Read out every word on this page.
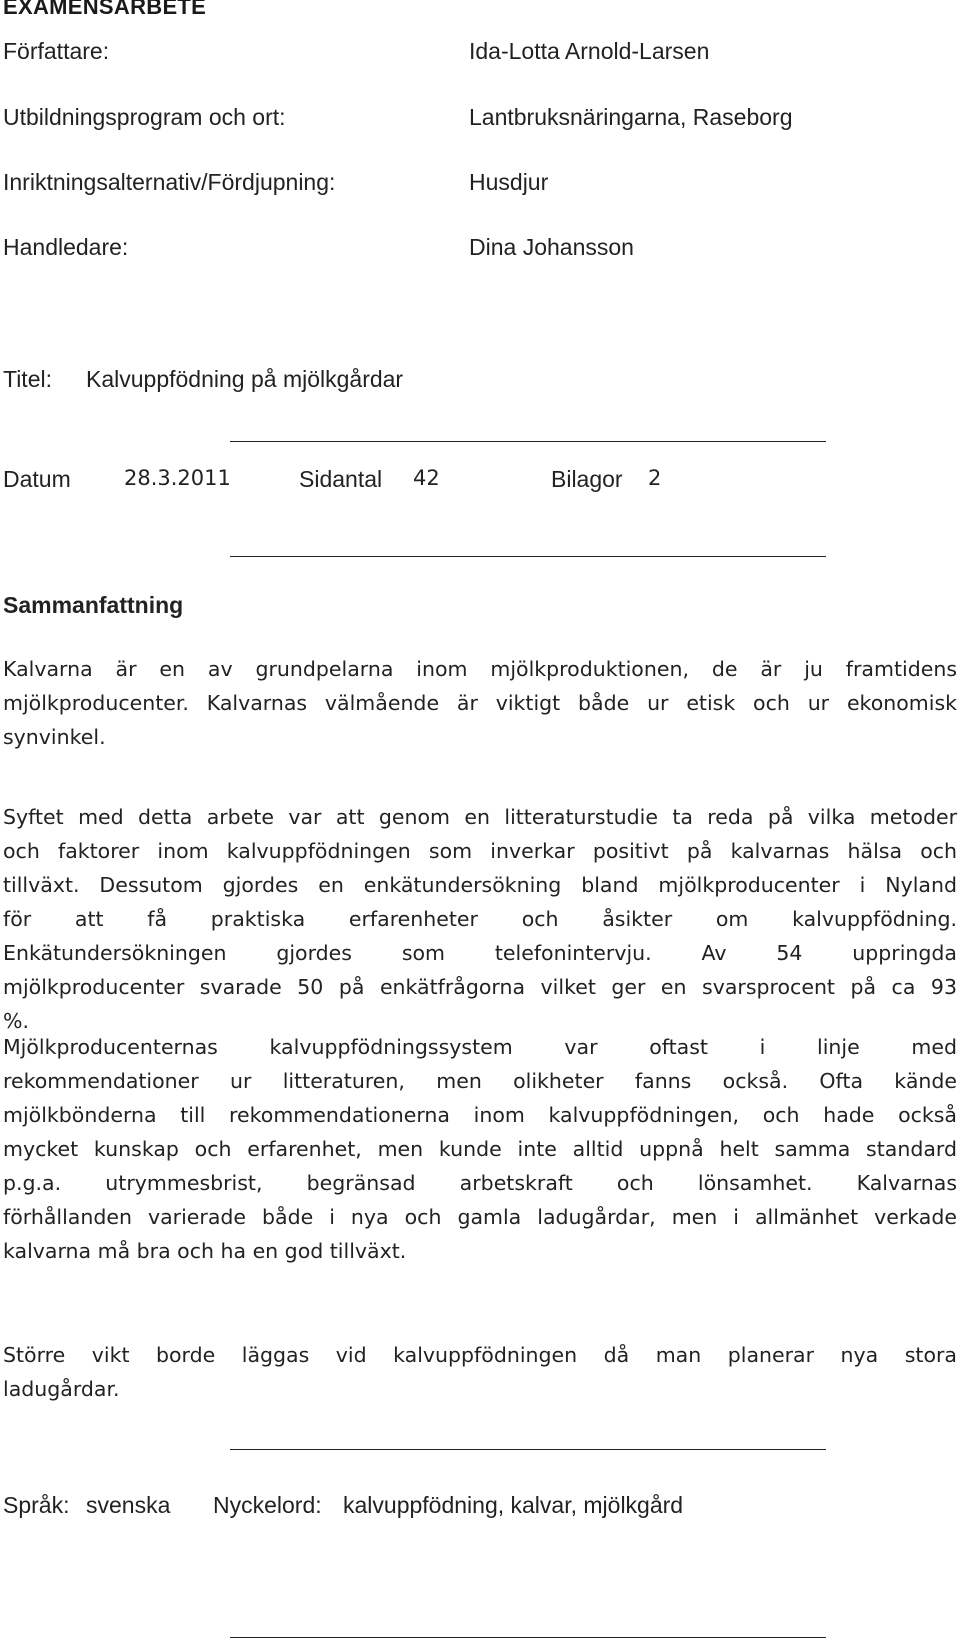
EXAMENSARBETE
Författare:	Ida-Lotta Arnold-Larsen
Utbildningsprogram och ort:	Lantbruksnäringarna, Raseborg
Inriktningsalternativ/Fördjupning:	Husdjur
Handledare:	Dina Johansson
Titel: Kalvuppfödning på mjölkgårdar
Datum	28.3.2011	Sidantal 42	Bilagor 2
Sammanfattning
Kalvarna är en av grundpelarna inom mjölkproduktionen, de är ju framtidens
mjölkproducenter. Kalvarnas välmående är viktigt både ur etisk och ur ekonomisk
synvinkel.
Syftet med detta arbete var att genom en litteraturstudie ta reda på vilka metoder
och faktorer inom kalvuppfödningen som inverkar positivt på kalvarnas hälsa och
tillväxt. Dessutom gjordes en enkätundersökning bland mjölkproducenter i Nyland
för att få praktiska erfarenheter och åsikter om kalvuppfödning.
Enkätundersökningen gjordes som telefonintervju. Av 54 uppringda
mjölkproducenter svarade 50 på enkätfrågorna vilket ger en svarsprocent på ca 93
%.
Mjölkproducenternas kalvuppfödningssystem var oftast i linje med
rekommendationer ur litteraturen, men olikheter fanns också. Ofta kände
mjölkbönderna till rekommendationerna inom kalvuppfödningen, och hade också
mycket kunskap och erfarenhet, men kunde inte alltid uppnå helt samma standard
p.g.a. utrymmesbrist, begränsad arbetskraft och lönsamhet. Kalvarnas
förhållanden varierade både i nya och gamla ladugårdar, men i allmänhet verkade
kalvarna må bra och ha en god tillväxt.
Större vikt borde läggas vid kalvuppfödningen då man planerar nya stora
ladugårdar.
Språk: svenska Nyckelord: kalvuppfödning, kalvar, mjölkgård
